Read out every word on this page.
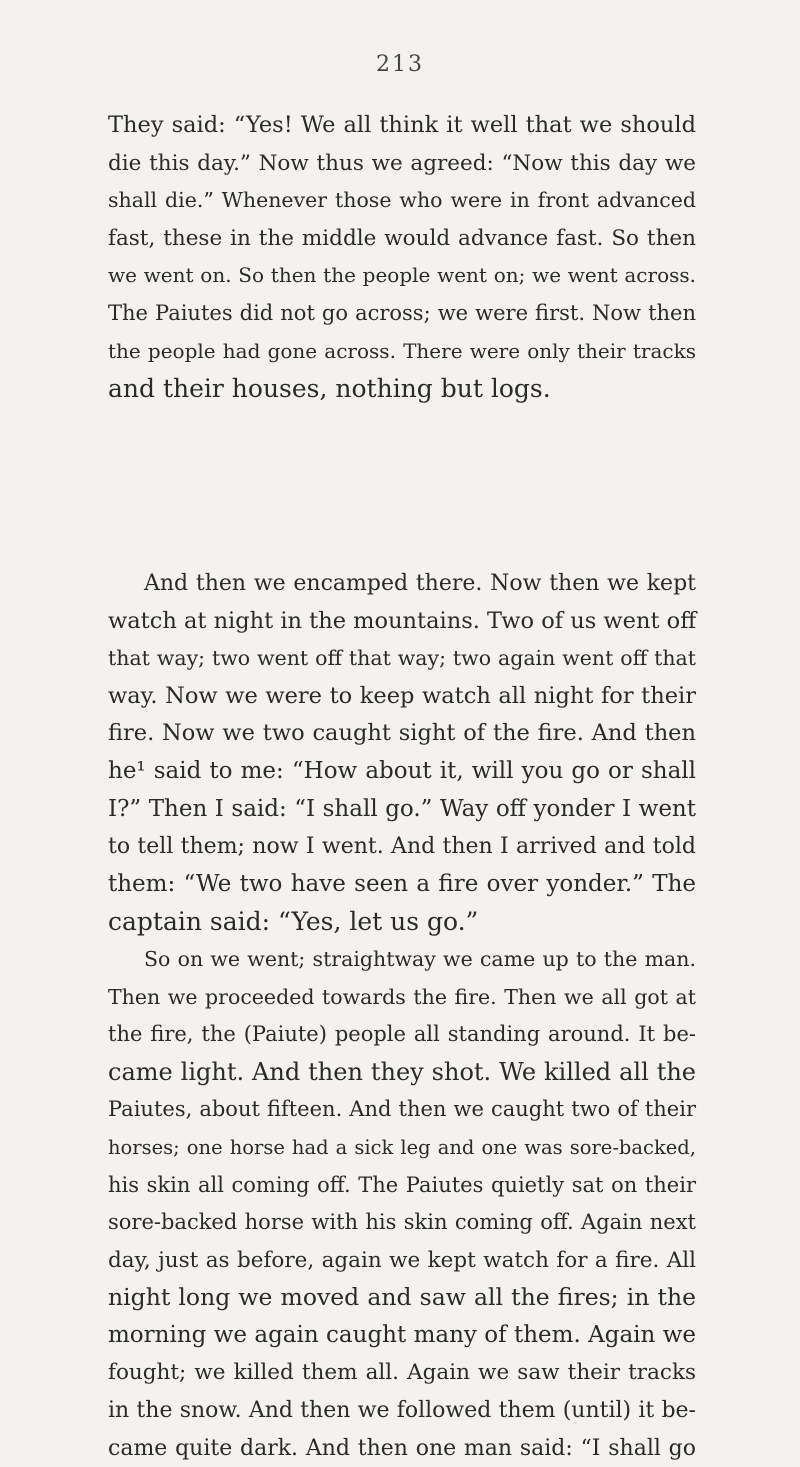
213
They said: “Yes! We all think it well that we should
die this day.” Now thus we agreed: “Now this day we
shall die.” Whenever those who were in front advanced
fast, these in the middle would advance fast. So then
we went on. So then the people went on; we went across.
The Paiutes did not go across; we were first. Now then
the people had gone across. There were only their tracks
and their houses, nothing but logs.
And then we encamped there. Now then we kept
watch at night in the mountains. Two of us went off
that way; two went off that way; two again went off that
way. Now we were to keep watch all night for their
fire. Now we two caught sight of the fire. And then
he¹ said to me: “How about it, will you go or shall
I?” Then I said: “I shall go.” Way off yonder I went
to tell them; now I went. And then I arrived and told
them: “We two have seen a fire over yonder.” The
captain said: “Yes, let us go.”
So on we went; straightway we came up to the man.
Then we proceeded towards the fire. Then we all got at
the fire, the (Paiute) people all standing around. It be-
came light. And then they shot. We killed all the
Paiutes, about fifteen. And then we caught two of their
horses; one horse had a sick leg and one was sore-backed,
his skin all coming off. The Paiutes quietly sat on their
sore-backed horse with his skin coming off. Again next
day, just as before, again we kept watch for a fire. All
night long we moved and saw all the fires; in the
morning we again caught many of them. Again we
fought; we killed them all. Again we saw their tracks
in the snow. And then we followed them (until) it be-
came quite dark. And then one man said: “I shall go
